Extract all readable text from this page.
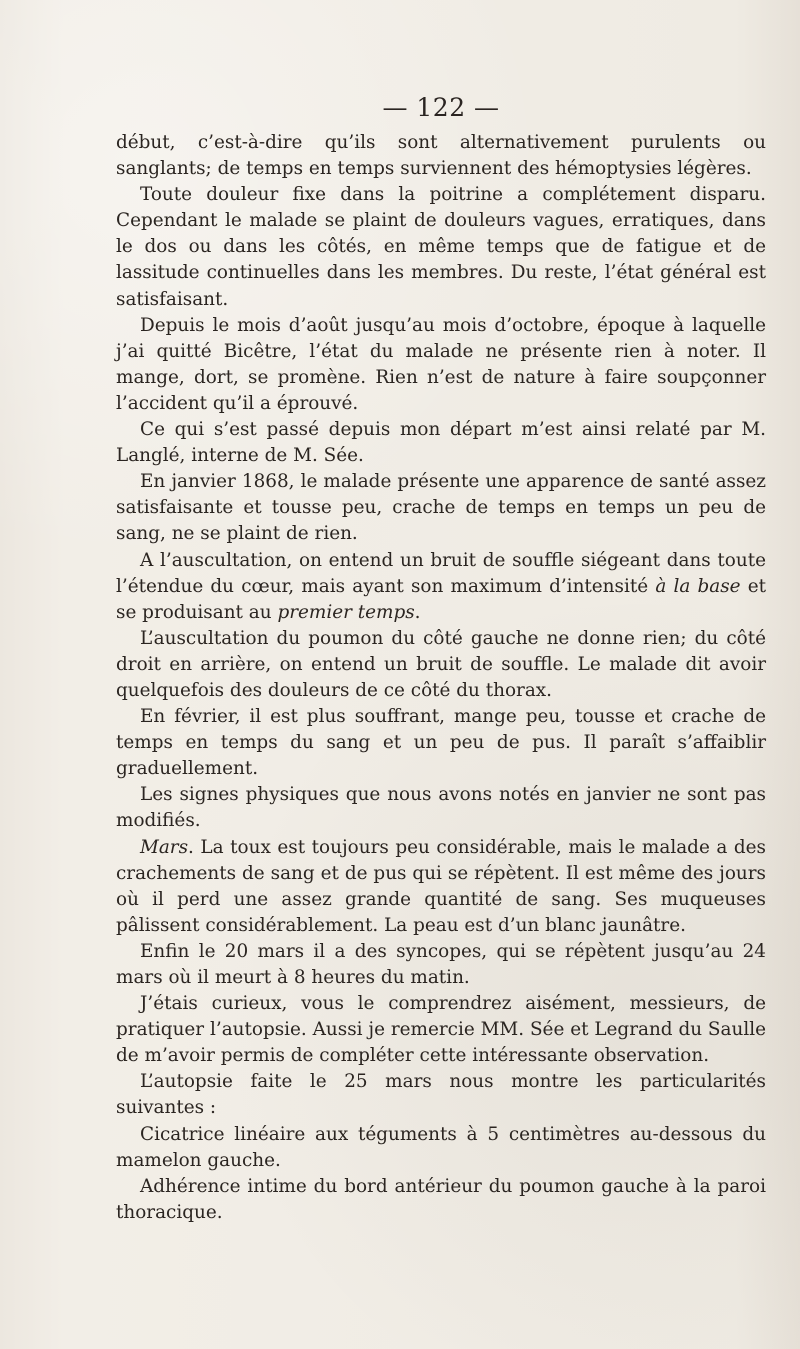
— 122 —

début, c’est-à-dire qu’ils sont alternativement purulents ou sanglants; de temps en temps surviennent des hémoptysies légères.

Toute douleur fixe dans la poitrine a complétement disparu. Cependant le malade se plaint de douleurs vagues, erratiques, dans le dos ou dans les côtés, en même temps que de fatigue et de lassitude continuelles dans les membres. Du reste, l’état général est satisfaisant.

Depuis le mois d’août jusqu’au mois d’octobre, époque à laquelle j’ai quitté Bicêtre, l’état du malade ne présente rien à noter. Il mange, dort, se promène. Rien n’est de nature à faire soupçonner l’accident qu’il a éprouvé.

Ce qui s’est passé depuis mon départ m’est ainsi relaté par M. Langlé, interne de M. Sée.

En janvier 1868, le malade présente une apparence de santé assez satisfaisante et tousse peu, crache de temps en temps un peu de sang, ne se plaint de rien.

A l’auscultation, on entend un bruit de souffle siégeant dans toute l’étendue du cœur, mais ayant son maximum d’intensité à la base et se produisant au premier temps.

L’auscultation du poumon du côté gauche ne donne rien; du côté droit en arrière, on entend un bruit de souffle. Le malade dit avoir quelquefois des douleurs de ce côté du thorax.

En février, il est plus souffrant, mange peu, tousse et crache de temps en temps du sang et un peu de pus. Il paraît s’affaiblir graduellement.

Les signes physiques que nous avons notés en janvier ne sont pas modifiés.

Mars. La toux est toujours peu considérable, mais le malade a des crachements de sang et de pus qui se répètent. Il est même des jours où il perd une assez grande quantité de sang. Ses muqueuses pâlissent considérablement. La peau est d’un blanc jaunâtre.

Enfin le 20 mars il a des syncopes, qui se répètent jusqu’au 24 mars où il meurt à 8 heures du matin.

J’étais curieux, vous le comprendrez aisément, messieurs, de pratiquer l’autopsie. Aussi je remercie MM. Sée et Legrand du Saulle de m’avoir permis de compléter cette intéressante observation.

L’autopsie faite le 25 mars nous montre les particularités suivantes :

Cicatrice linéaire aux téguments à 5 centimètres au-dessous du mamelon gauche.

Adhérence intime du bord antérieur du poumon gauche à la paroi thoracique.
